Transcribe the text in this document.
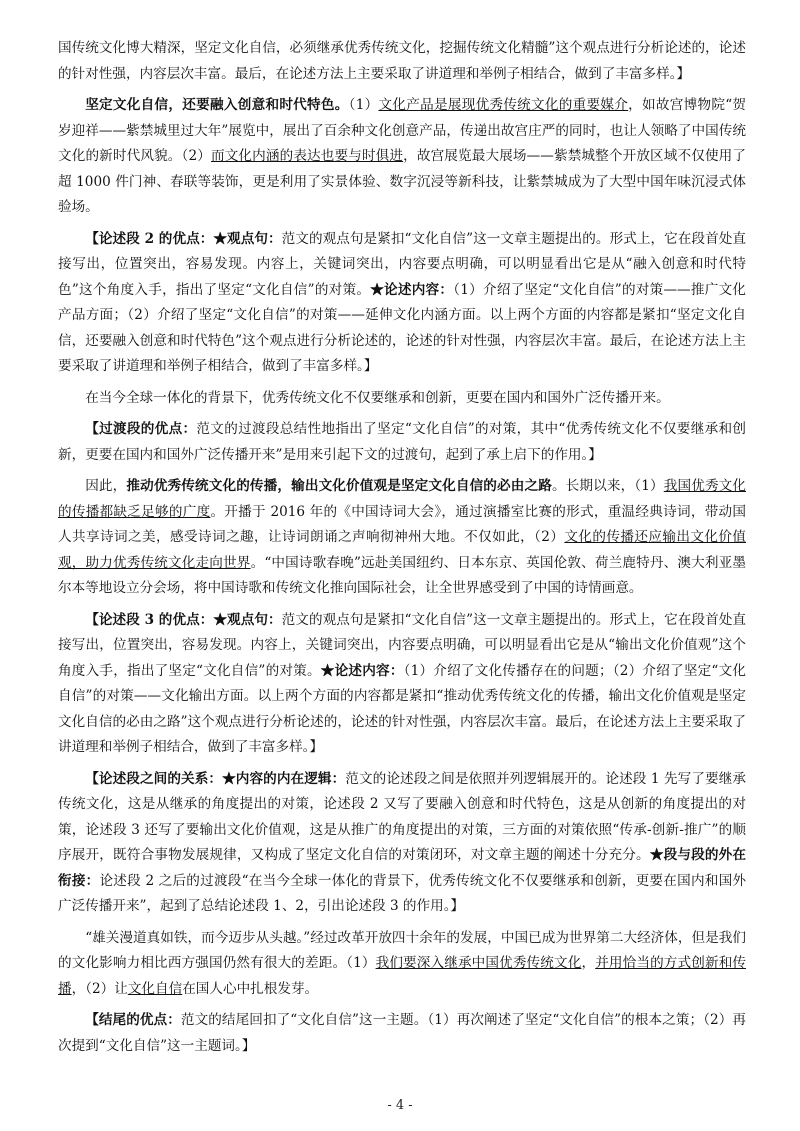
国传统文化博大精深，坚定文化自信，必须继承优秀传统文化，挖掘传统文化精髓”这个观点进行分析论述的，论述的针对性强，内容层次丰富。最后，在论述方法上主要采取了讲道理和举例子相结合，做到了丰富多样。】

坚定文化自信，还要融入创意和时代特色。（1）文化产品是展现优秀传统文化的重要媒介，如故宫博物院“贺岁迎祥——紫禁城里过大年”展览中，展出了百余种文化创意产品，传递出故宫庄严的同时，也让人领略了中国传统文化的新时代风貌。（2）而文化内涵的表达也要与时俱进，故宫展览最大展场——紫禁城整个开放区域不仅使用了超 1000 件门神、春联等装饰，更是利用了实景体验、数字沉浸等新科技，让紫禁城成为了大型中国年味沉浸式体验场。

【论述段 2 的优点：★观点句：范文的观点句是紧扣“文化自信”这一文章主题提出的。形式上，它在段首处直接写出，位置突出，容易发现。内容上，关键词突出，内容要点明确，可以明显看出它是从“融入创意和时代特色”这个角度入手，指出了坚定“文化自信”的对策。★论述内容：（1）介绍了坚定“文化自信”的对策——推广文化产品方面；（2）介绍了坚定“文化自信”的对策——延伸文化内涵方面。以上两个方面的内容都是紧扣“坚定文化自信，还要融入创意和时代特色”这个观点进行分析论述的，论述的针对性强，内容层次丰富。最后，在论述方法上主要采取了讲道理和举例子相结合，做到了丰富多样。】

在当今全球一体化的背景下，优秀传统文化不仅要继承和创新，更要在国内和国外广泛传播开来。

【过渡段的优点：范文的过渡段总结性地指出了坚定“文化自信”的对策，其中“优秀传统文化不仅要继承和创新，更要在国内和国外广泛传播开来”是用来引起下文的过渡句，起到了承上启下的作用。】

因此，推动优秀传统文化的传播，输出文化价值观是坚定文化自信的必由之路。长期以来，（1）我国优秀文化的传播都缺乏足够的广度。开播于 2016 年的《中国诗词大会》，通过演播室比赛的形式，重温经典诗词，带动国人共享诗词之美，感受诗词之趣，让诗词朗诵之声响彻神州大地。不仅如此，（2）文化的传播还应输出文化价值观，助力优秀传统文化走向世界。“中国诗歌春晚”远赴美国纽约、日本东京、英国伦敦、荷兰鹿特丹、澳大利亚墨尔本等地设立分会场，将中国诗歌和传统文化推向国际社会，让全世界感受到了中国的诗情画意。

【论述段 3 的优点：★观点句：范文的观点句是紧扣“文化自信”这一文章主题提出的。形式上，它在段首处直接写出，位置突出，容易发现。内容上，关键词突出，内容要点明确，可以明显看出它是从“输出文化价值观”这个角度入手，指出了坚定“文化自信”的对策。★论述内容：（1）介绍了文化传播存在的问题；（2）介绍了坚定“文化自信”的对策——文化输出方面。以上两个方面的内容都是紧扣“推动优秀传统文化的传播，输出文化价值观是坚定文化自信的必由之路”这个观点进行分析论述的，论述的针对性强，内容层次丰富。最后，在论述方法上主要采取了讲道理和举例子相结合，做到了丰富多样。】

【论述段之间的关系：★内容的内在逻辑：范文的论述段之间是依照并列逻辑展开的。论述段 1 先写了要继承传统文化，这是从继承的角度提出的对策，论述段 2 又写了要融入创意和时代特色，这是从创新的角度提出的对策，论述段 3 还写了要输出文化价值观，这是从推广的角度提出的对策，三方面的对策依照“传承-创新-推广”的顺序展开，既符合事物发展规律，又构成了坚定文化自信的对策闭环，对文章主题的阐述十分充分。★段与段的外在衔接：论述段 2 之后的过渡段“在当今全球一体化的背景下，优秀传统文化不仅要继承和创新，更要在国内和国外广泛传播开来”，起到了总结论述段 1、2，引出论述段 3 的作用。】

“雄关漫道真如铁，而今迈步从头越。”经过改革开放四十余年的发展，中国已成为世界第二大经济体，但是我们的文化影响力相比西方强国仍然有很大的差距。（1）我们要深入继承中国优秀传统文化，并用恰当的方式创新和传播，（2）让文化自信在国人心中扎根发芽。

【结尾的优点：范文的结尾回扣了“文化自信”这一主题。（1）再次阐述了坚定“文化自信”的根本之策；（2）再次提到“文化自信”这一主题词。】

- 4 -
